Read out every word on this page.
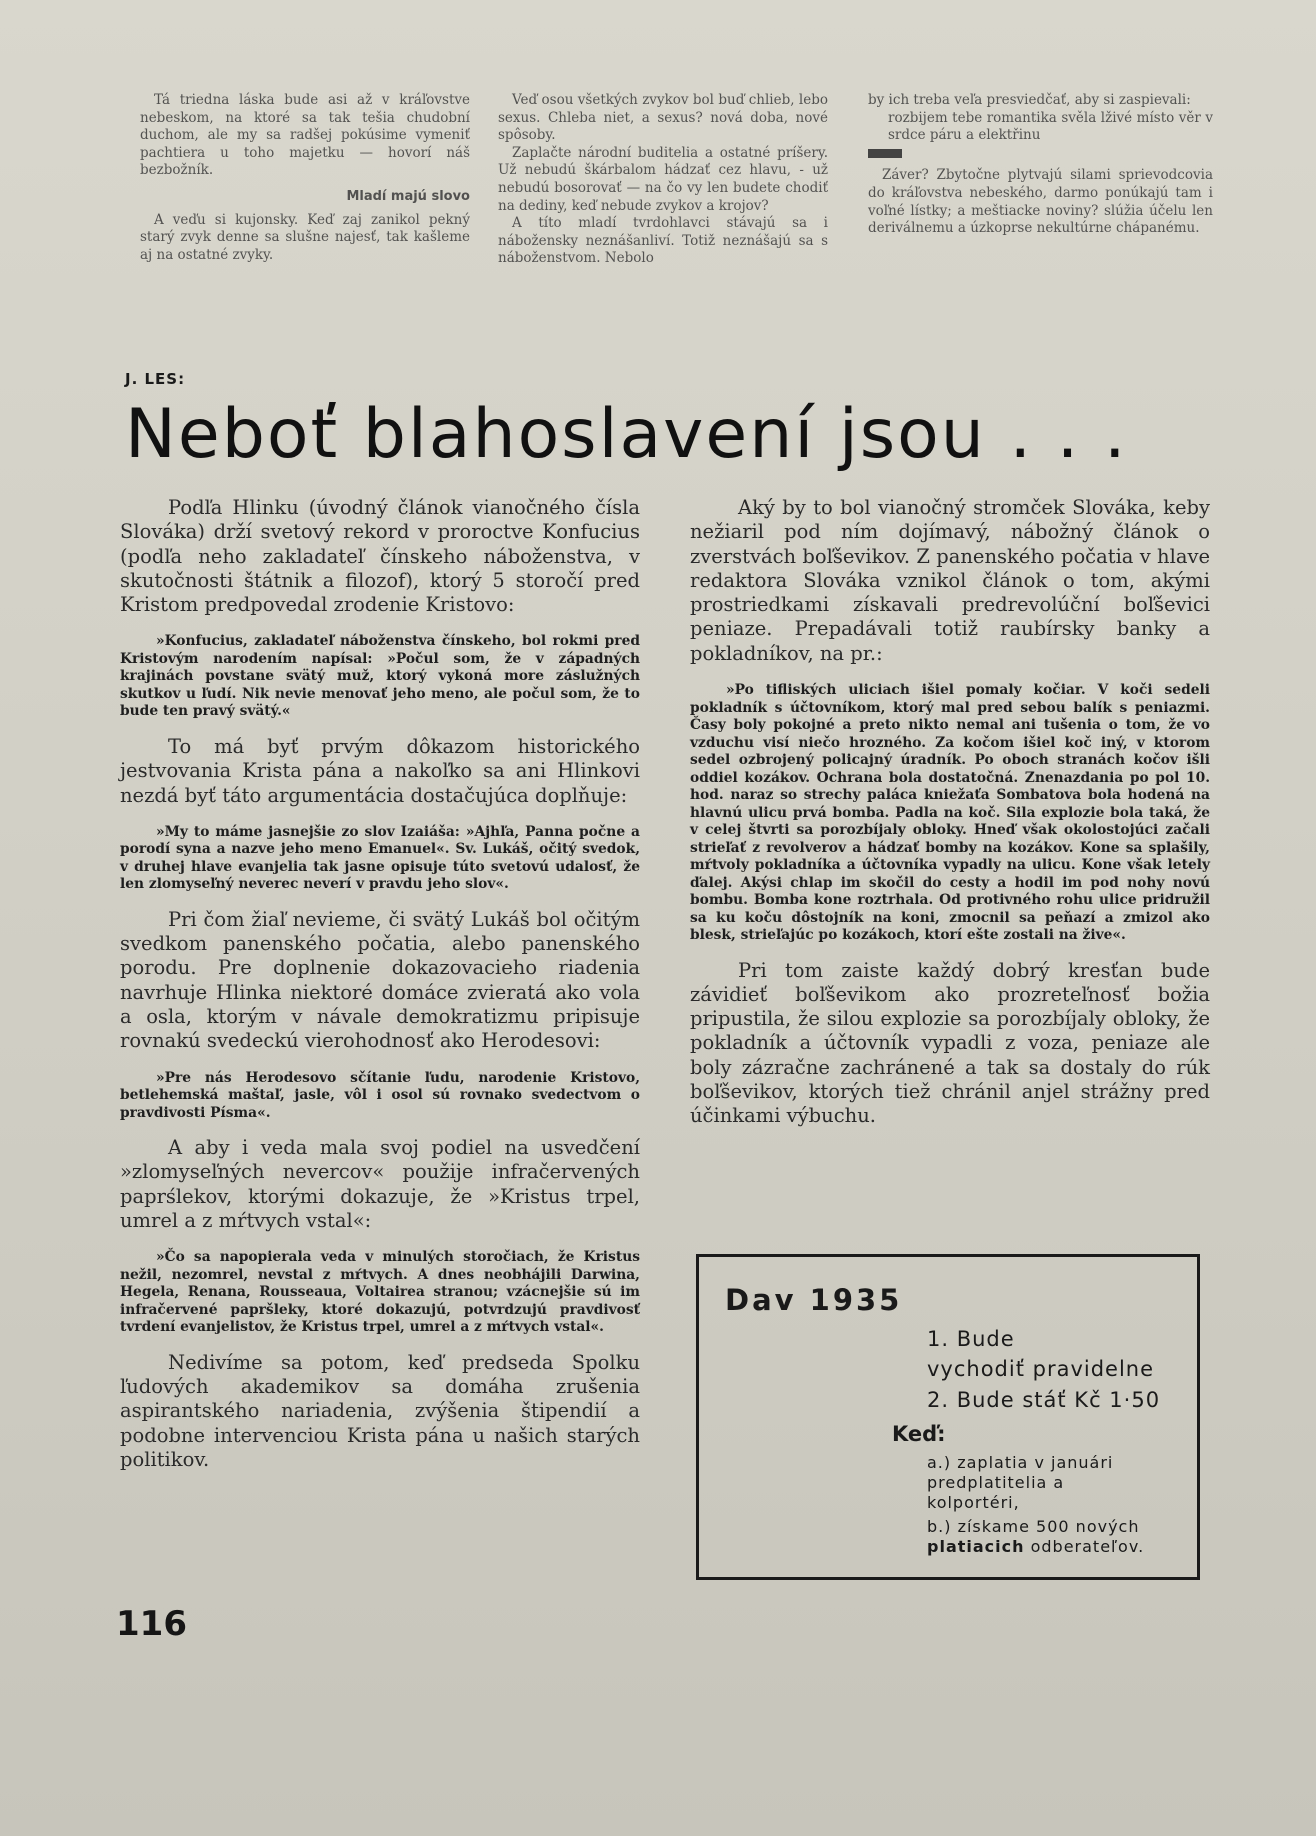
Tá triedna láska bude asi až v kráľovstve nebeskom, na ktoré sa tak tešia chudobní duchom, ale my sa radšej pokúsime vymeniť pachtiera u toho majetku — hovorí náš bezbožník.

Mladí majú slovo

A veďu si kujonsky. Keď zaj zanikol pekný starý zvyk denne sa slušne najesť, tak kašleme aj na ostatné zvyky.

Veď osou všetkých zvykov bol buď chlieb, lebo sexus. Chleba niet, a sexus? nová doba, nové spôsoby.

Zaplačte národní buditelia a ostatné príšery. Už nebudú škárbalom hádzať cez hlavu, - už nebudú bosorovať — na čo vy len budete chodiť na dediny, keď nebude zvykov a krojov?

A títo mladí tvrdohlavci stávajú sa i nábožensky neznášanliví. Totiž neznášajú sa s náboženstvom. Nebolo

by ich treba veľa presviedčať, aby si zaspievali:

rozbijem tebe romantika svěla lživé místo věr v srdce páru a elektřinu

Záver? Zbytočne plytvajú silami sprievodcovia do kráľovstva nebeského, darmo ponúkajú tam i voľné lístky; a meštiacke noviny? slúžia účelu len deriválnemu a úzkoprse nekultúrne chápanému.

J. LES:
Neboť blahoslavení jsou . . .

Podľa Hlinku (úvodný článok vianočného čísla Slováka) drží svetový rekord v proroctve Konfucius (podľa neho zakladateľ čínskeho náboženstva, v skutočnosti štátnik a filozof), ktorý 5 storočí pred Kristom predpovedal zrodenie Kristovo:

»Konfucius, zakladateľ náboženstva čínskeho, bol rokmi pred Kristovým narodením napísal: »Počul som, že v západných krajinách povstane svätý muž, ktorý vykoná more záslužných skutkov u ľudí. Nik nevie menovať jeho meno, ale počul som, že to bude ten pravý svätý.«

To má byť prvým dôkazom historického jestvovania Krista pána a nakoľko sa ani Hlinkovi nezdá byť táto argumentácia dostačujúca doplňuje:

»My to máme jasnejšie zo slov Izaiáša: »Ajhľa, Panna počne a porodí syna a nazve jeho meno Emanuel«. Sv. Lukáš, očitý svedok, v druhej hlave evanjelia tak jasne opisuje túto svetovú udalosť, že len zlomyseľný neverec neverí v pravdu jeho slov«.

Pri čom žiaľ nevieme, či svätý Lukáš bol očitým svedkom panenského počatia, alebo panenského porodu. Pre doplnenie dokazovacieho riadenia navrhuje Hlinka niektoré domáce zvieratá ako vola a osla, ktorým v návale demokratizmu pripisuje rovnakú svedeckú vierohodnosť ako Herodesovi:

»Pre nás Herodesovo sčítanie ľudu, narodenie Kristovo, betlehemská maštaľ, jasle, vôl i osol sú rovnako svedectvom o pravdivosti Písma«.

A aby i veda mala svoj podiel na usvedčení »zlomyseľných nevercov« použije infračervených paprślekov, ktorými dokazuje, že »Kristus trpel, umrel a z mŕtvych vstal«:

»Čo sa napopierala veda v minulých storočiach, že Kristus nežil, nezomrel, nevstal z mŕtvych. A dnes neobhájili Darwina, Hegela, Renana, Rousseaua, Voltairea stranou; vzácnejšie sú im infračervené papršleky, ktoré dokazujú, potvrdzujú pravdivosť tvrdení evanjelistov, že Kristus trpel, umrel a z mŕtvych vstal«.

Nedivíme sa potom, keď predseda Spolku ľudových akademikov sa domáha zrušenia aspirantského nariadenia, zvýšenia štipendií a podobne intervenciou Krista pána u našich starých politikov.

Aký by to bol vianočný stromček Slováka, keby nežiaril pod ním dojímavý, nábožný článok o zverstvách boľševikov. Z panenského počatia v hlave redaktora Slováka vznikol článok o tom, akými prostriedkami získavali predrevolúční boľševici peniaze. Prepadávali totiž raubírsky banky a pokladníkov, na pr.:

»Po tifliských uliciach išiel pomaly kočiar. V koči sedeli pokladník s účtovníkom, ktorý mal pred sebou balík s peniazmi. Časy boly pokojné a preto nikto nemal ani tušenia o tom, že vo vzduchu visí niečo hrozného. Za kočom išiel koč iný, v ktorom sedel ozbrojený policajný úradník. Po oboch stranách kočov išli oddiel kozákov. Ochrana bola dostatočná. Znenazdania po pol 10. hod. naraz so strechy paláca kniežaťa Sombatova bola hodená na hlavnú ulicu prvá bomba. Padla na koč. Sila explozie bola taká, že v celej štvrti sa porozbíjaly obloky. Hneď však okolostojúci začali strieľať z revolverov a hádzať bomby na kozákov. Kone sa splašily, mŕtvoly pokladníka a účtovníka vypadly na ulicu. Kone však letely ďalej. Akýsi chlap im skočil do cesty a hodil im pod nohy novú bombu. Bomba kone roztrhala. Od protivného rohu ulice pridružil sa ku koču dôstojník na koni, zmocnil sa peňazí a zmizol ako blesk, strieľajúc po kozákoch, ktorí ešte zostali na žive«.

Pri tom zaiste každý dobrý kresťan bude závidieť boľševikom ako prozreteľnosť božia pripustila, že silou explozie sa porozbíjaly obloky, že pokladník a účtovník vypadli z voza, peniaze ale boly zázračne zachránené a tak sa dostaly do rúk boľševikov, ktorých tiež chránil anjel strážny pred účinkami výbuchu.

Dav 1935
1. Bude
vychodiť pravidelne
2. Bude stáť Kč 1·50
Keď:
a.) zaplatia v januári
predplatitelia a
kolportéri,
b.) získame 500 nových
platiacich odberateľov.
116
